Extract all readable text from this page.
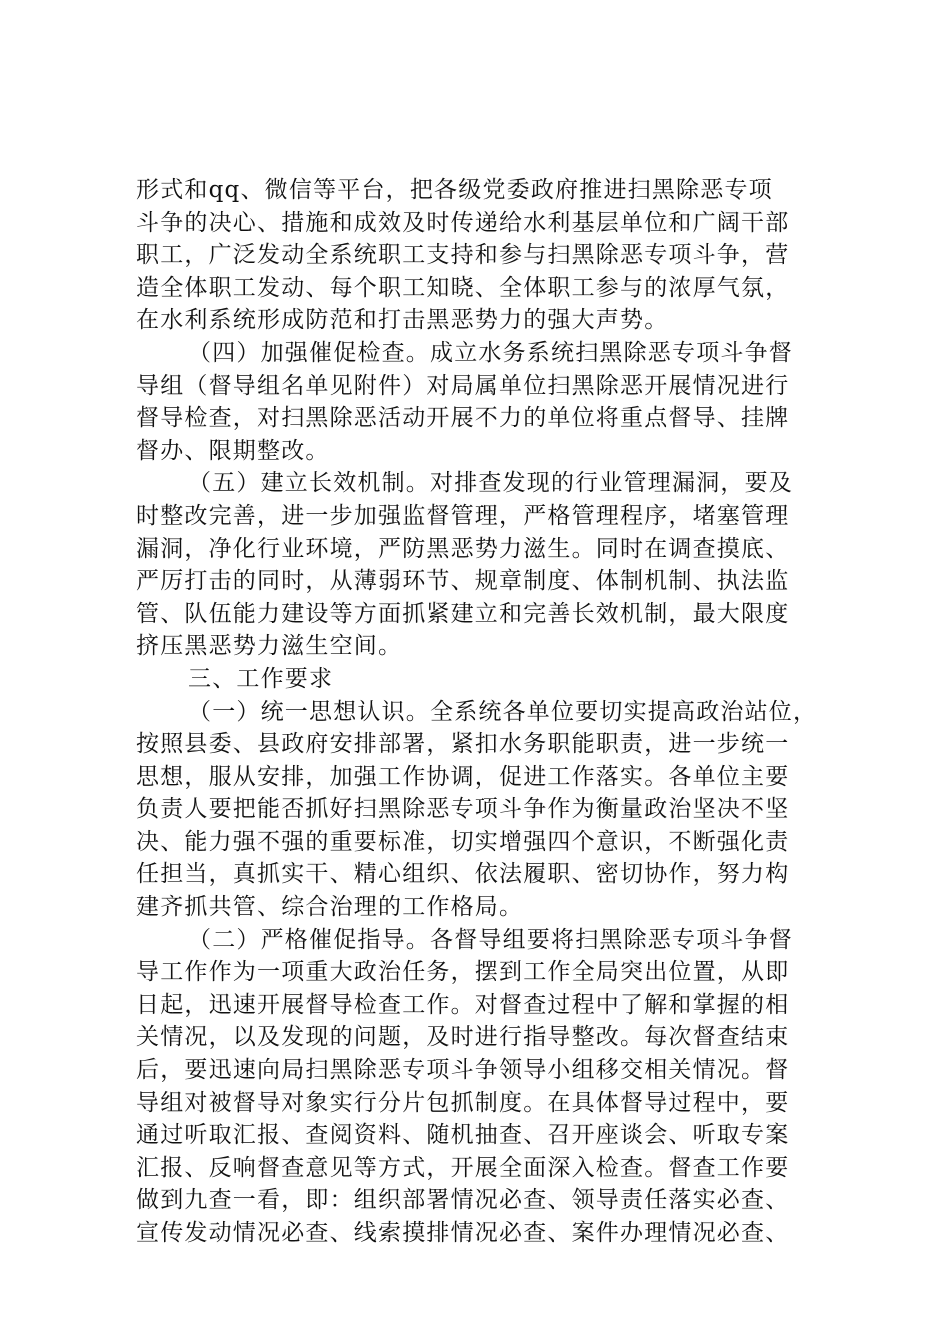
形式和qq、微信等平台，把各级党委政府推进扫黑除恶专项
斗争的决心、措施和成效及时传递给水利基层单位和广阔干部
职工，广泛发动全系统职工支持和参与扫黑除恶专项斗争，营
造全体职工发动、每个职工知晓、全体职工参与的浓厚气氛，
在水利系统形成防范和打击黑恶势力的强大声势。
（四）加强催促检查。成立水务系统扫黑除恶专项斗争督
导组（督导组名单见附件）对局属单位扫黑除恶开展情况进行
督导检查，对扫黑除恶活动开展不力的单位将重点督导、挂牌
督办、限期整改。
（五）建立长效机制。对排查发现的行业管理漏洞，要及
时整改完善，进一步加强监督管理，严格管理程序，堵塞管理
漏洞，净化行业环境，严防黑恶势力滋生。同时在调查摸底、
严厉打击的同时，从薄弱环节、规章制度、体制机制、执法监
管、队伍能力建设等方面抓紧建立和完善长效机制，最大限度
挤压黑恶势力滋生空间。
三、工作要求
（一）统一思想认识。全系统各单位要切实提高政治站位，
按照县委、县政府安排部署，紧扣水务职能职责，进一步统一
思想，服从安排，加强工作协调，促进工作落实。各单位主要
负责人要把能否抓好扫黑除恶专项斗争作为衡量政治坚决不坚
决、能力强不强的重要标准，切实增强四个意识，不断强化责
任担当，真抓实干、精心组织、依法履职、密切协作，努力构
建齐抓共管、综合治理的工作格局。
（二）严格催促指导。各督导组要将扫黑除恶专项斗争督
导工作作为一项重大政治任务，摆到工作全局突出位置，从即
日起，迅速开展督导检查工作。对督查过程中了解和掌握的相
关情况，以及发现的问题，及时进行指导整改。每次督查结束
后，要迅速向局扫黑除恶专项斗争领导小组移交相关情况。督
导组对被督导对象实行分片包抓制度。在具体督导过程中，要
通过听取汇报、查阅资料、随机抽查、召开座谈会、听取专案
汇报、反响督查意见等方式，开展全面深入检查。督查工作要
做到九查一看，即：组织部署情况必查、领导责任落实必查、
宣传发动情况必查、线索摸排情况必查、案件办理情况必查、
